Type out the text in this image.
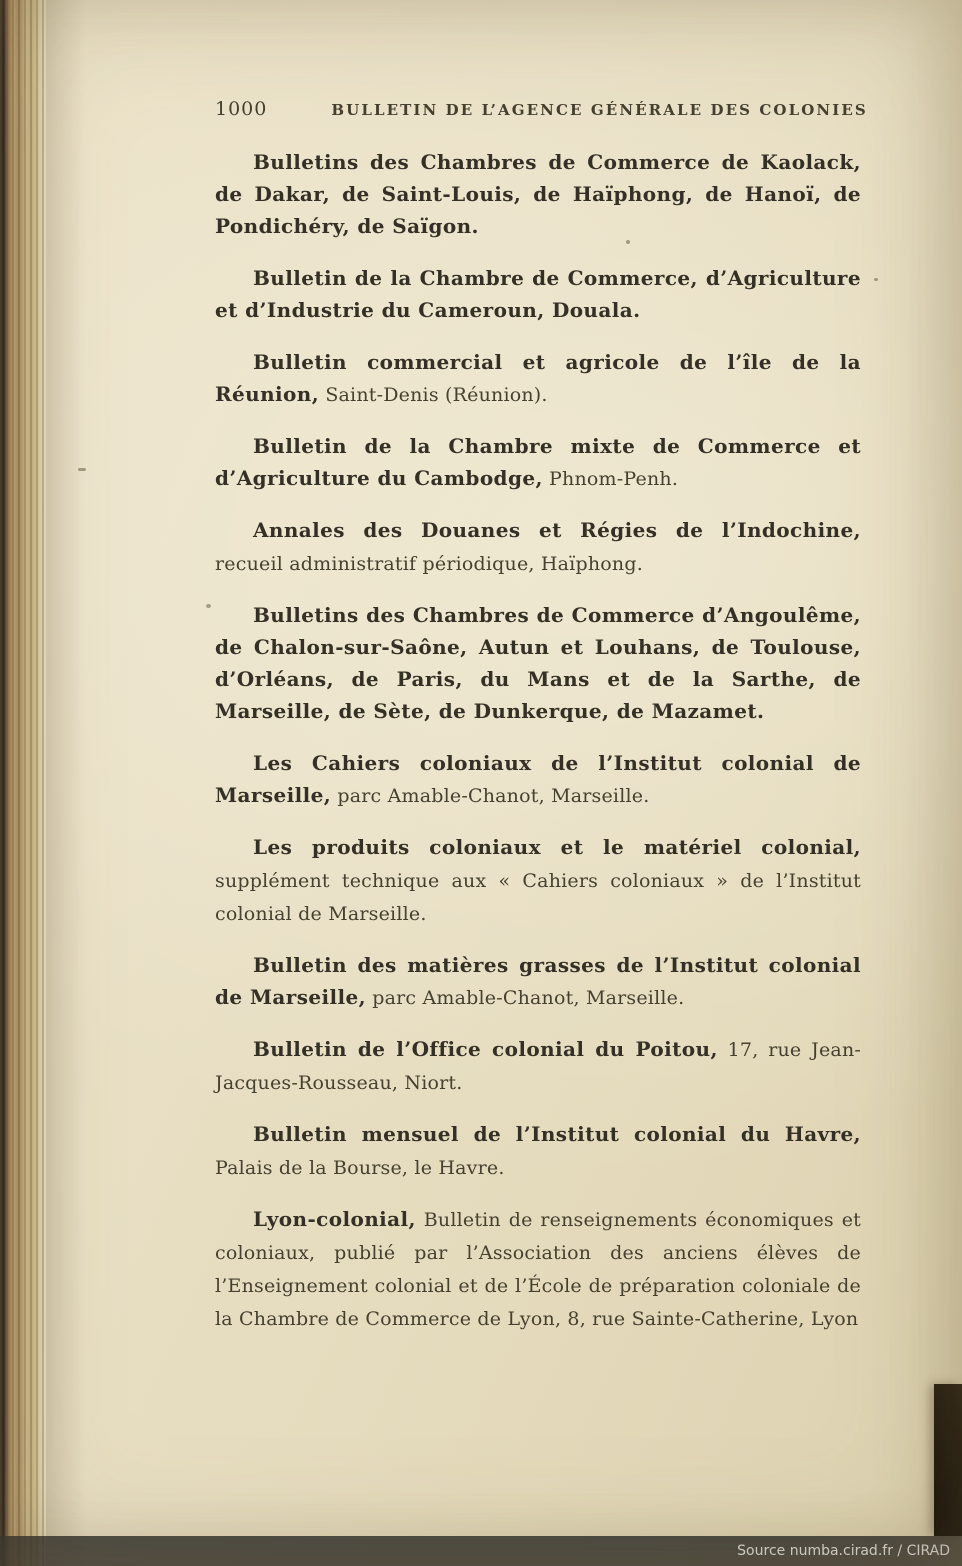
1000	BULLETIN DE L’AGENCE GÉNÉRALE DES COLONIES

Bulletins des Chambres de Commerce de Kaolack, de Dakar, de Saint-Louis, de Haïphong, de Hanoï, de Pondichéry, de Saïgon.

Bulletin de la Chambre de Commerce, d’Agriculture et d’Industrie du Cameroun, Douala.

Bulletin commercial et agricole de l’île de la Réunion, Saint-Denis (Réunion).

Bulletin de la Chambre mixte de Commerce et d’Agriculture du Cambodge, Phnom-Penh.

Annales des Douanes et Régies de l’Indochine, recueil administratif périodique, Haïphong.

Bulletins des Chambres de Commerce d’Angoulême, de Chalon-sur-Saône, Autun et Louhans, de Toulouse, d’Orléans, de Paris, du Mans et de la Sarthe, de Marseille, de Sète, de Dunkerque, de Mazamet.

Les Cahiers coloniaux de l’Institut colonial de Marseille, parc Amable-Chanot, Marseille.

Les produits coloniaux et le matériel colonial, supplément technique aux « Cahiers coloniaux » de l’Institut colonial de Marseille.

Bulletin des matières grasses de l’Institut colonial de Marseille, parc Amable-Chanot, Marseille.

Bulletin de l’Office colonial du Poitou, 17, rue Jean-Jacques-Rousseau, Niort.

Bulletin mensuel de l’Institut colonial du Havre, Palais de la Bourse, le Havre.

Lyon-colonial, Bulletin de renseignements économiques et coloniaux, publié par l’Association des anciens élèves de l’Enseignement colonial et de l’École de préparation coloniale de la Chambre de Commerce de Lyon, 8, rue Sainte-Catherine, Lyon

Source numba.cirad.fr / CIRAD
